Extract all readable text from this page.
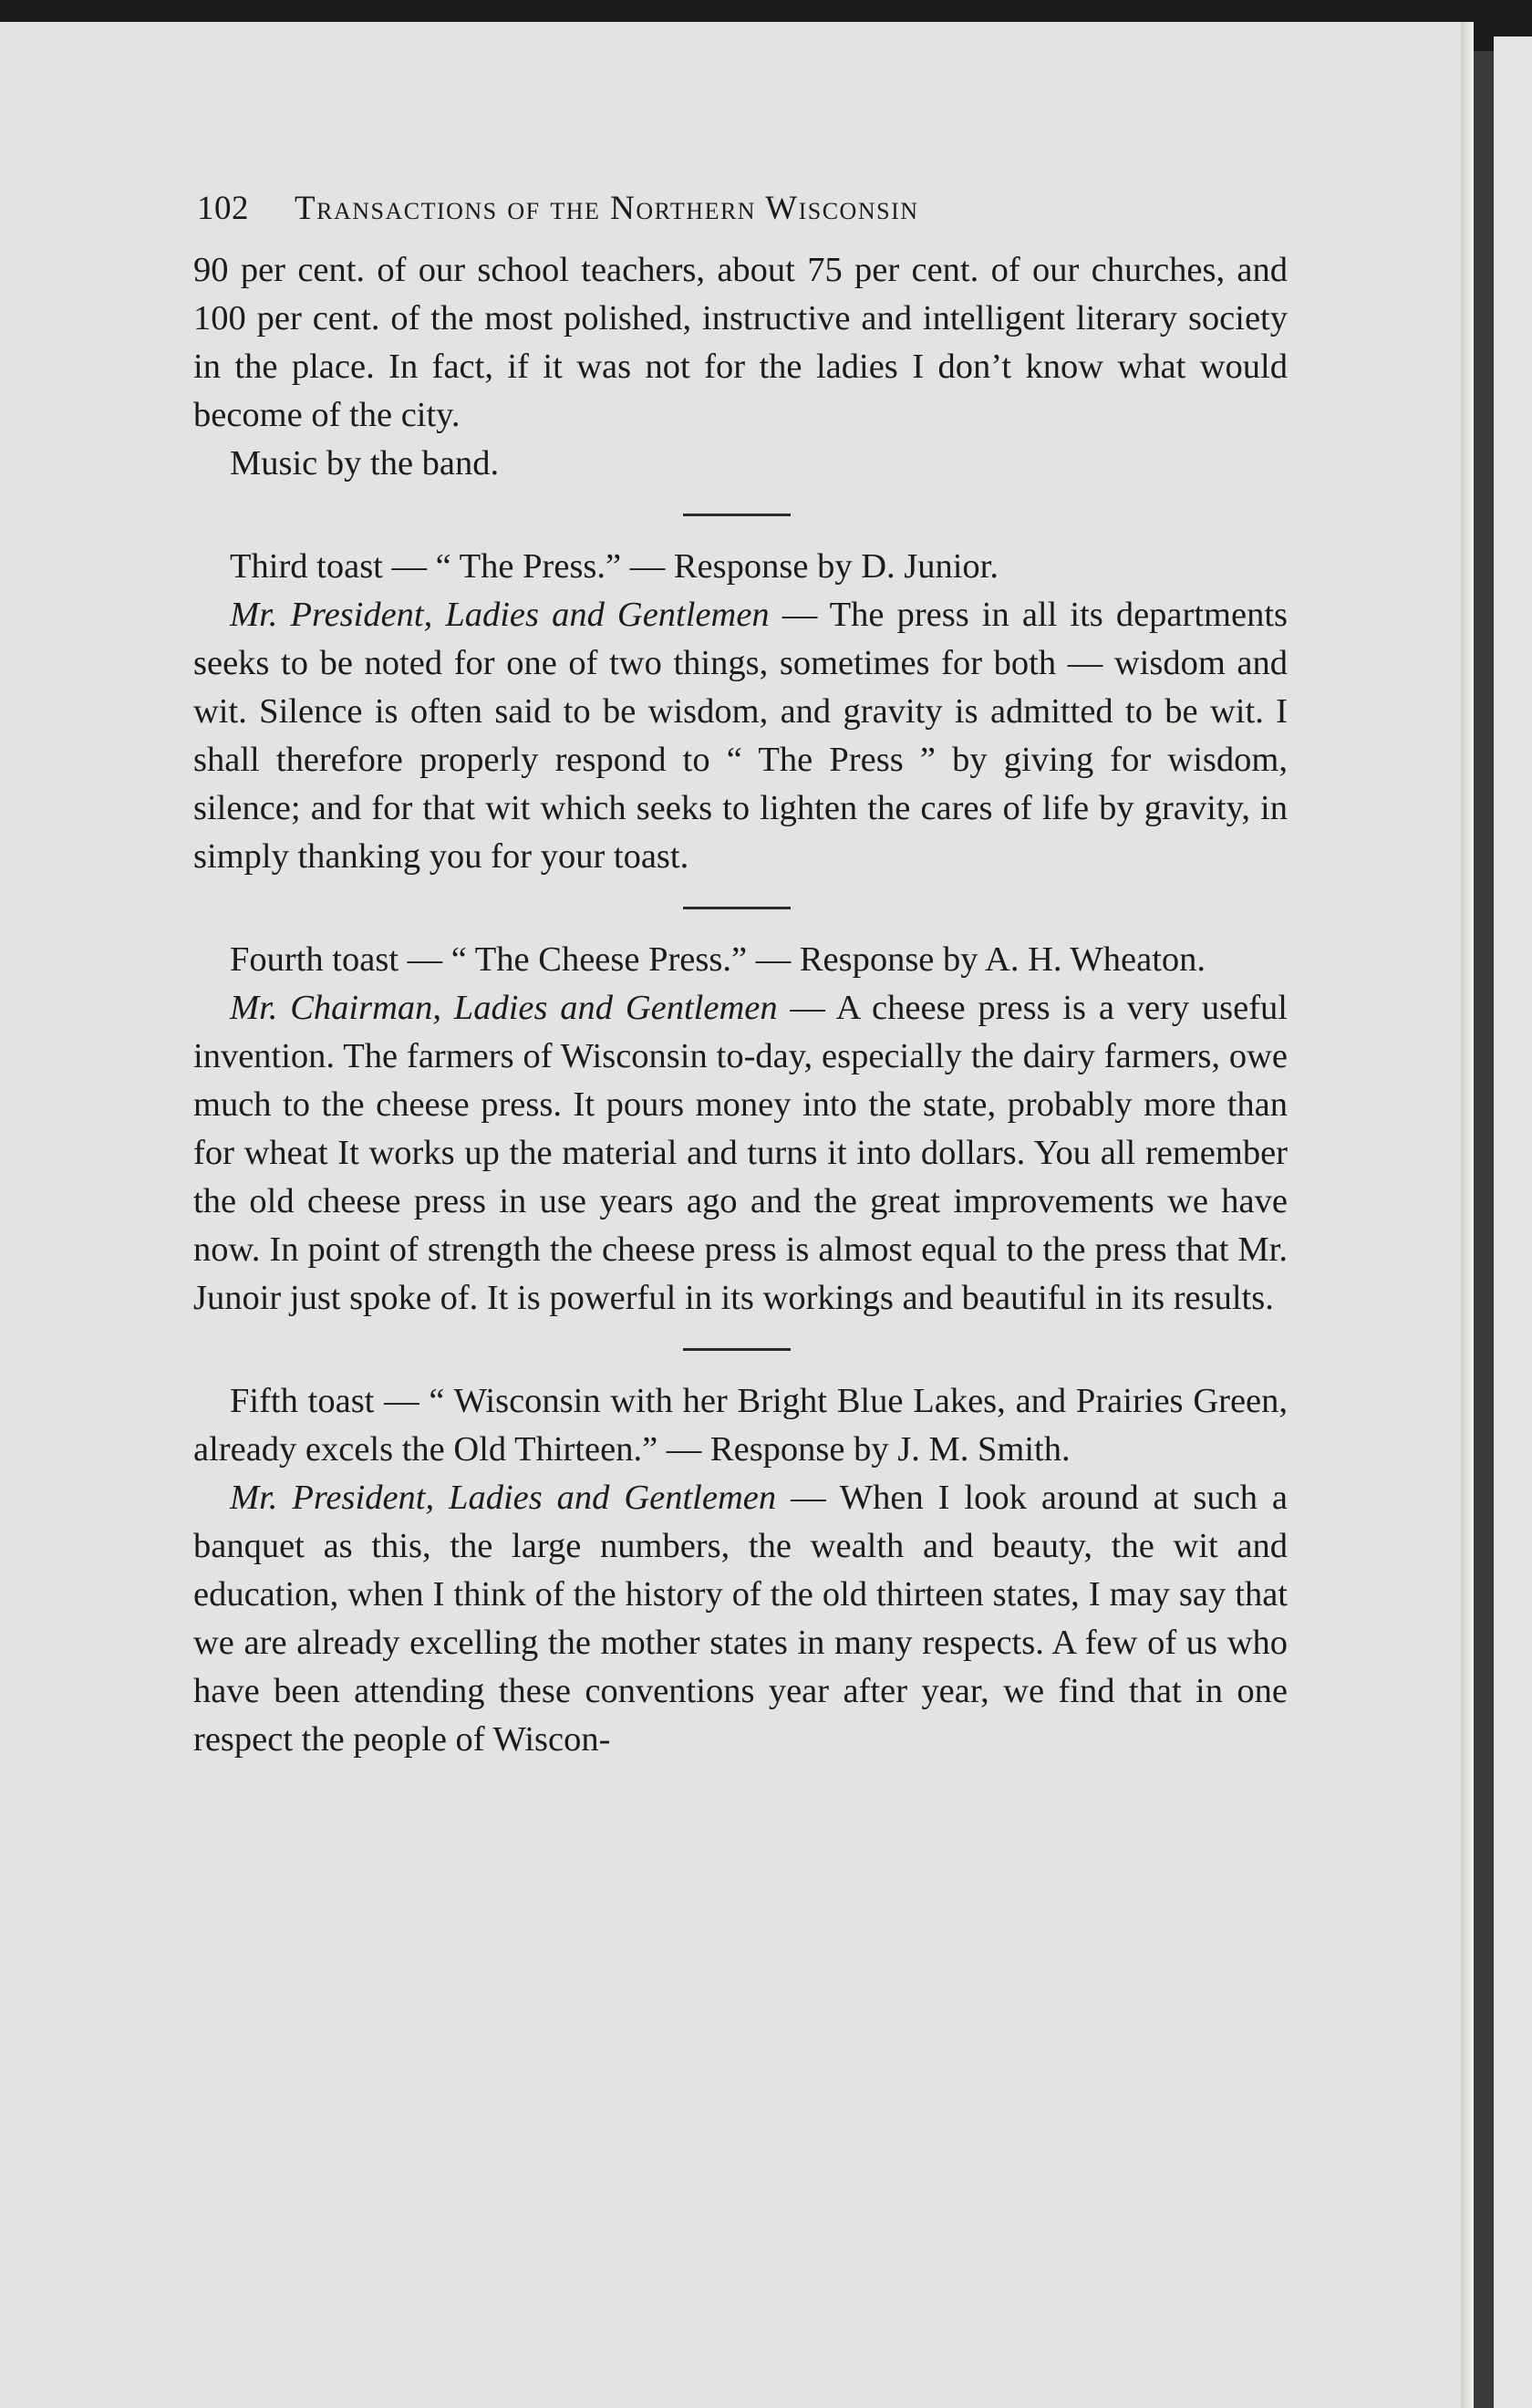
102 Transactions of the Northern Wisconsin

90 per cent. of our school teachers, about 75 per cent. of our churches, and 100 per cent. of the most polished, instructive and intelligent literary society in the place. In fact, if it was not for the ladies I don’t know what would become of the city.

Music by the band.

Third toast — “ The Press.” — Response by D. Junior.

Mr. President, Ladies and Gentlemen — The press in all its departments seeks to be noted for one of two things, sometimes for both — wisdom and wit. Silence is often said to be wisdom, and gravity is admitted to be wit. I shall therefore properly respond to “ The Press ” by giving for wisdom, silence; and for that wit which seeks to lighten the cares of life by gravity, in simply thanking you for your toast.

Fourth toast — “ The Cheese Press.” — Response by A. H. Wheaton.

Mr. Chairman, Ladies and Gentlemen — A cheese press is a very useful invention. The farmers of Wisconsin to-day, especially the dairy farmers, owe much to the cheese press. It pours money into the state, probably more than for wheat It works up the material and turns it into dollars. You all remember the old cheese press in use years ago and the great improvements we have now. In point of strength the cheese press is almost equal to the press that Mr. Junoir just spoke of. It is powerful in its workings and beautiful in its results.

Fifth toast — “ Wisconsin with her Bright Blue Lakes, and Prairies Green, already excels the Old Thirteen.” — Response by J. M. Smith.

Mr. President, Ladies and Gentlemen — When I look around at such a banquet as this, the large numbers, the wealth and beauty, the wit and education, when I think of the history of the old thirteen states, I may say that we are already excelling the mother states in many respects. A few of us who have been attending these conventions year after year, we find that in one respect the people of Wiscon-
